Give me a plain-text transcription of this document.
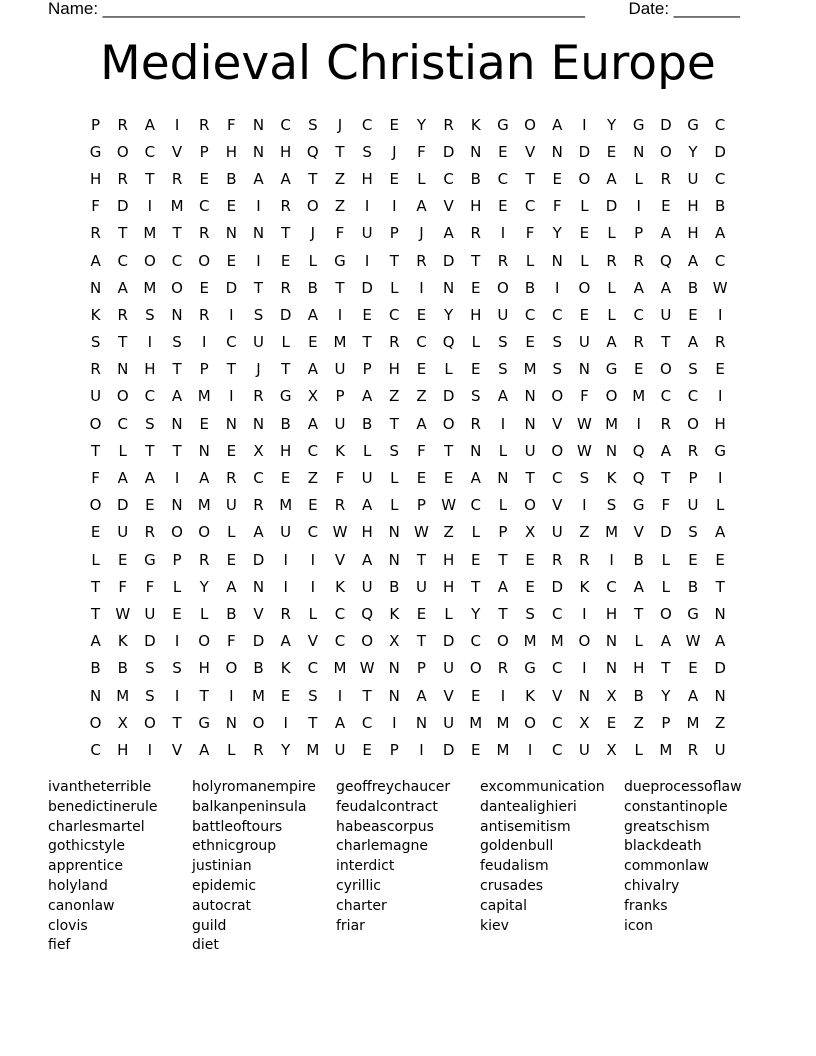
Name: ___________________________________________________	Date: _______
Medieval Christian Europe
P	R	A	I	R	F	N	C	S	J	C	E	Y	R	K	G	O	A	I	Y	G	D	G	C
G	O	C	V	P	H	N	H	Q	T	S	J	F	D	N	E	V	N	D	E	N	O	Y	D
H	R	T	R	E	B	A	A	T	Z	H	E	L	C	B	C	T	E	O	A	L	R	U	C
F	D	I	M	C	E	I	R	O	Z	I	I	A	V	H	E	C	F	L	D	I	E	H	B
R	T	M	T	R	N	N	T	J	F	U	P	J	A	R	I	F	Y	E	L	P	A	H	A
A	C	O	C	O	E	I	E	L	G	I	T	R	D	T	R	L	N	L	R	R	Q	A	C
N	A	M O	E	D	T	R	B	T	D	L	I	N	E	O	B	I	O	L	A	A	B W
K	R	S	N	R	I	S	D	A	I	E	C	E	Y	H	U	C	C	E	L	C	U	E	I
S	T	I	S	I	C	U	L	E	M	T	R	C	Q	L	S	E	S	U	A	R	T	A	R
R	N	H	T	P	T	J	T	A	U	P	H	E	L	E	S	M	S	N	G	E	O	S	E
U	O	C	A	M	I	R	G	X	P	A	Z	Z	D	S	A	N	O	F	O M	C	C	I
O	C	S	N	E	N	N	B	A	U	B	T	A	O	R	I	N	V W M	I	R	O	H
T	L	T	T	N	E	X	H	C	K	L	S	F	T	N	L	U	O W N	Q	A	R	G
F	A	A	I	A	R	C	E	Z	F	U	L	E	E	A	N	T	C	S	K	Q	T	P	I
O	D	E	N	M	U	R	M	E	R	A	L	P	W C	L	O	V	I	S	G	F	U	L
E	U	R	O	O	L	A	U	C W H	N W Z	L	P	X	U	Z	M	V	D	S	A
L	E	G	P	R	E	D	I	I	V	A	N	T	H	E	T	E	R	R	I	B	L	E	E
T	F	F	L	Y	A	N	I	I	K	U	B	U	H	T	A	E	D	K	C	A	L	B	T
T	W U	E	L	B	V	R	L	C	Q	K	E	L	Y	T	S	C	I	H	T	O	G	N
A	K	D	I	O	F	D	A	V	C	O	X	T	D	C	O M M O	N	L	A W A
B	B	S	S	H	O	B	K	C	M W N	P	U	O	R	G	C	I	N	H	T	E	D
N	M	S	I	T	I	M	E	S	I	T	N	A	V	E	I	K	V	N	X	B	Y	A	N
O	X	O	T	G	N	O	I	T	A	C	I	N	U	M M O	C	X	E	Z	P	M	Z
C	H	I	V	A	L	R	Y	M	U	E	P	I	D	E	M	I	C	U	X	L	M	R	U
ivantheterrible
benedictinerule
charlesmartel
gothicstyle
apprentice
holyland
canonlaw
clovis
fief
holyromanempire
balkanpeninsula
battleoftours
ethnicgroup
justinian
epidemic
autocrat
guild
diet
geoffreychaucer
feudalcontract
habeascorpus
charlemagne
interdict
cyrillic
charter
friar
excommunication
dantealighieri
antisemitism
goldenbull
feudalism
crusades
capital
kiev
dueprocessoflaw
constantinople
greatschism
blackdeath
commonlaw
chivalry
franks
icon
